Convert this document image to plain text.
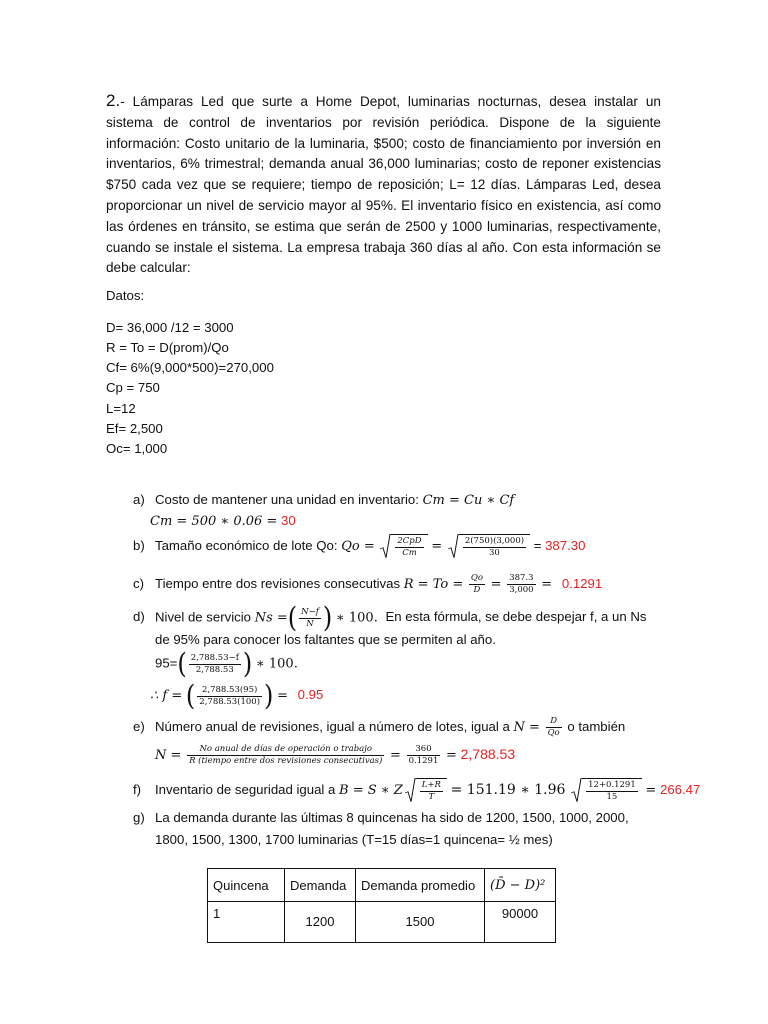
2.- Lámparas Led que surte a Home Depot, luminarias nocturnas, desea instalar un sistema de control de inventarios por revisión periódica. Dispone de la siguiente información: Costo unitario de la luminaria, $500; costo de financiamiento por inversión en inventarios, 6% trimestral; demanda anual 36,000 luminarias; costo de reponer existencias $750 cada vez que se requiere; tiempo de reposición; L= 12 días. Lámparas Led, desea proporcionar un nivel de servicio mayor al 95%. El inventario físico en existencia, así como las órdenes en tránsito, se estima que serán de 2500 y 1000 luminarias, respectivamente, cuando se instale el sistema. La empresa trabaja 360 días al año. Con esta información se debe calcular:
Datos:
D= 36,000 /12 = 3000
R = To = D(prom)/Qo
Cf= 6%(9,000*500)=270,000
Cp = 750
L=12
Ef= 2,500
Oc= 1,000
a) Costo de mantener una unidad en inventario: Cm = Cu ∗ Cf
Cm = 500 ∗ 0.06 = 30
b) Tamaño económico de lote Qo: $Qo = \frac{\text{2CpD}}{Cm} = \frac{2(750)(3,000)}{30} = 387.30$
c) Tiempo entre dos revisiones consecutivas $R = To = \frac{Qo}{D} = \frac{387.3}{3,000} = 0.1291$
d) Nivel de servicio Ns =( $\frac{N-f}{N}$ ) ∗ 100. En esta fórmula, se debe despejar f, a un Ns
de 95% para conocer los faltantes que se permiten al año.
$95=( \frac{2,788.53-f}{2,788.53}$ ) ∗ 100.
∴ f = ( $\frac{2,788.53(95)}{2,788.53(100)}$ ) = 0.95
e) Número anual de revisiones, igual a número de lotes, igual a $N = \frac{D}{Qo}$ o también
$N = \frac{\text{No anual de días de operación o trabajo}}{\text{R (tiempo entre dos revisiones consecutivas)}} = \frac{360}{0.1291} = 2,788.53$
f) Inventario de seguridad igual a B = S ∗ Z $\frac{L+R}{T} = 151.19$ ∗ $1.96 \frac{12+0.1291}{15} = 266.47$
g) La demanda durante las últimas 8 quincenas ha sido de 1200, 1500, 1000, 2000,
1800, 1500, 1300, 1700 luminarias (T=15 días=1 quincena= ½ mes)
Quincena	Demanda	Demanda promedio	(D̄ − D)²
1	1200	1500	90000
